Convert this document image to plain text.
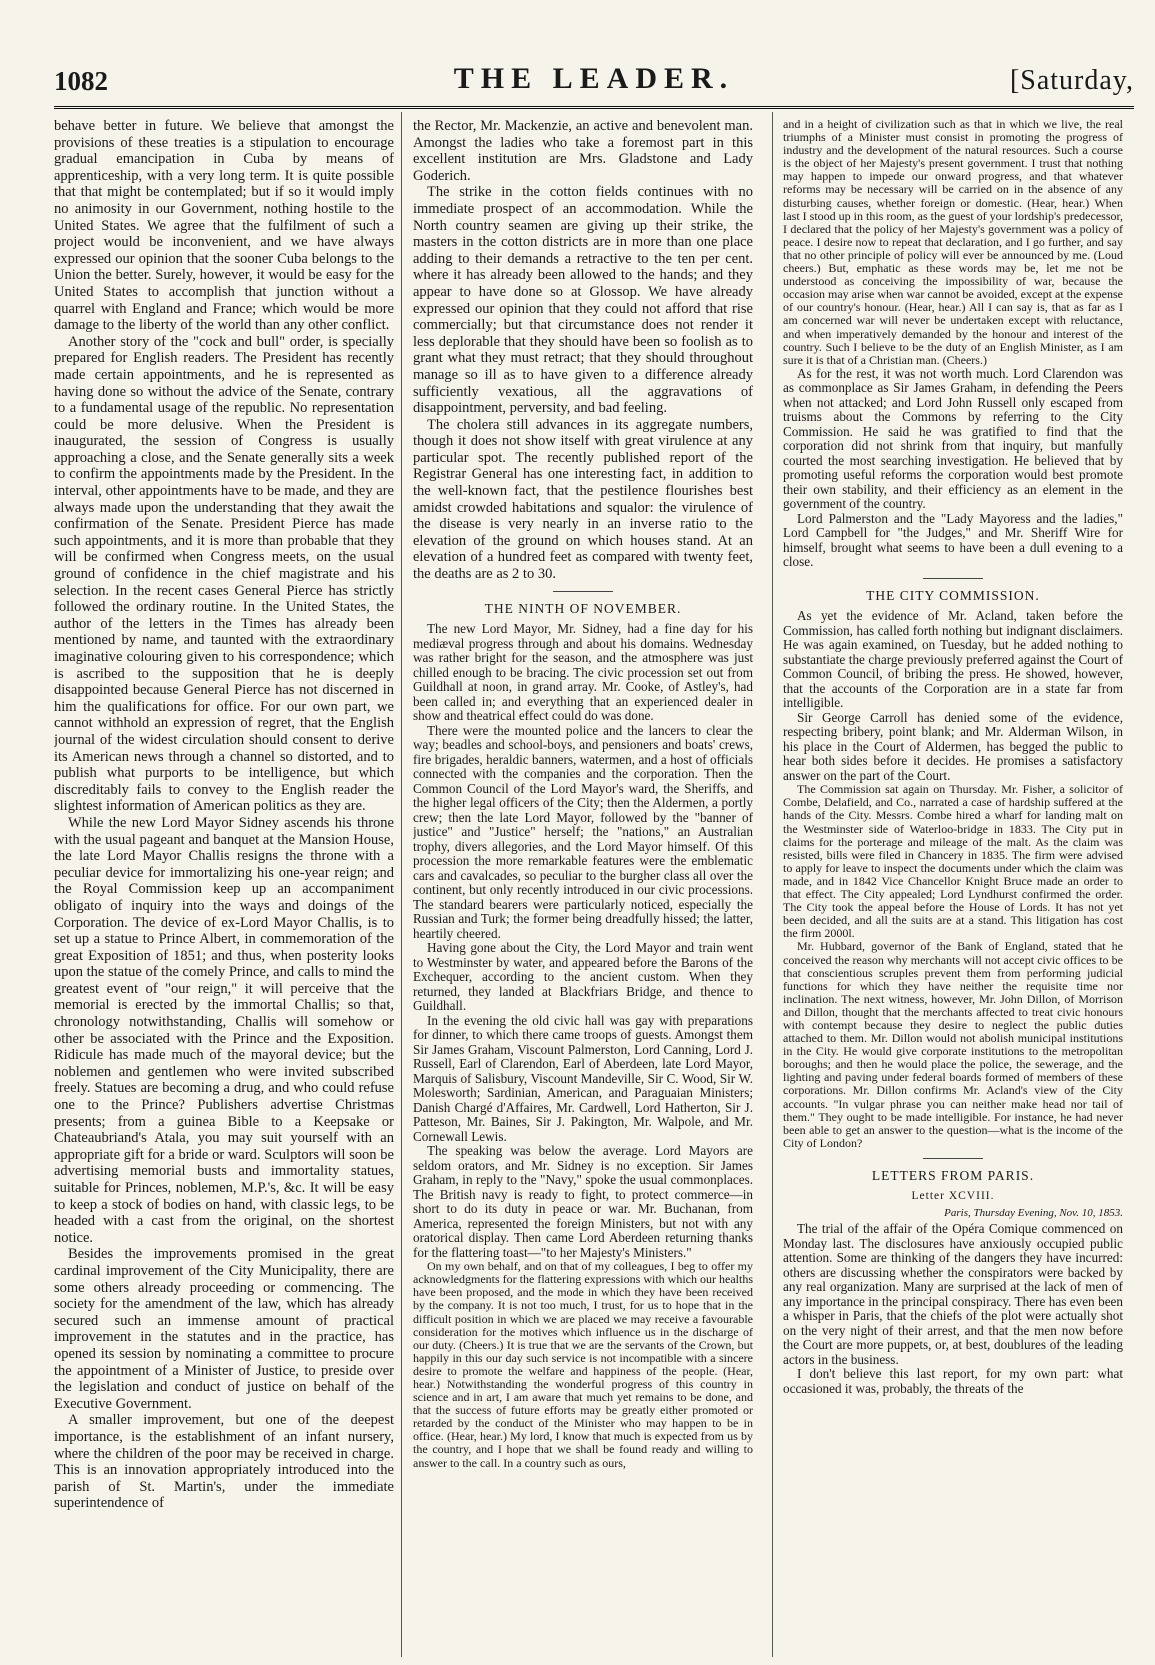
1082	THE LEADER.	[Saturday,

behave better in future. We believe that amongst the provisions of these treaties is a stipulation to encourage gradual emancipation in Cuba by means of apprenticeship, with a very long term. It is quite possible that that might be contemplated; but if so it would imply no animosity in our Government, nothing hostile to the United States. We agree that the fulfilment of such a project would be inconvenient, and we have always expressed our opinion that the sooner Cuba belongs to the Union the better. Surely, however, it would be easy for the United States to accomplish that junction without a quarrel with England and France; which would be more damage to the liberty of the world than any other conflict.

Another story of the "cock and bull" order, is specially prepared for English readers. The President has recently made certain appointments, and he is represented as having done so without the advice of the Senate, contrary to a fundamental usage of the republic. No representation could be more delusive. When the President is inaugurated, the session of Congress is usually approaching a close, and the Senate generally sits a week to confirm the appointments made by the President. In the interval, other appointments have to be made, and they are always made upon the understanding that they await the confirmation of the Senate. President Pierce has made such appointments, and it is more than probable that they will be confirmed when Congress meets, on the usual ground of confidence in the chief magistrate and his selection. In the recent cases General Pierce has strictly followed the ordinary routine. In the United States, the author of the letters in the Times has already been mentioned by name, and taunted with the extraordinary imaginative colouring given to his correspondence; which is ascribed to the supposition that he is deeply disappointed because General Pierce has not discerned in him the qualifications for office. For our own part, we cannot withhold an expression of regret, that the English journal of the widest circulation should consent to derive its American news through a channel so distorted, and to publish what purports to be intelligence, but which discreditably fails to convey to the English reader the slightest information of American politics as they are.

While the new Lord Mayor Sidney ascends his throne with the usual pageant and banquet at the Mansion House, the late Lord Mayor Challis resigns the throne with a peculiar device for immortalizing his one-year reign; and the Royal Commission keep up an accompaniment obligato of inquiry into the ways and doings of the Corporation. The device of ex-Lord Mayor Challis, is to set up a statue to Prince Albert, in commemoration of the great Exposition of 1851; and thus, when posterity looks upon the statue of the comely Prince, and calls to mind the greatest event of "our reign," it will perceive that the memorial is erected by the immortal Challis; so that, chronology notwithstanding, Challis will somehow or other be associated with the Prince and the Exposition. Ridicule has made much of the mayoral device; but the noblemen and gentlemen who were invited subscribed freely. Statues are becoming a drug, and who could refuse one to the Prince? Publishers advertise Christmas presents; from a guinea Bible to a Keepsake or Chateaubriand's Atala, you may suit yourself with an appropriate gift for a bride or ward. Sculptors will soon be advertising memorial busts and immortality statues, suitable for Princes, noblemen, M.P.'s, &c. It will be easy to keep a stock of bodies on hand, with classic legs, to be headed with a cast from the original, on the shortest notice.

Besides the improvements promised in the great cardinal improvement of the City Municipality, there are some others already proceeding or commencing. The society for the amendment of the law, which has already secured such an immense amount of practical improvement in the statutes and in the practice, has opened its session by nominating a committee to procure the appointment of a Minister of Justice, to preside over the legislation and conduct of justice on behalf of the Executive Government.

A smaller improvement, but one of the deepest importance, is the establishment of an infant nursery, where the children of the poor may be received in charge. This is an innovation appropriately introduced into the parish of St. Martin's, under the immediate superintendence of

the Rector, Mr. Mackenzie, an active and benevolent man. Amongst the ladies who take a foremost part in this excellent institution are Mrs. Gladstone and Lady Goderich.

The strike in the cotton fields continues with no immediate prospect of an accommodation. While the North country seamen are giving up their strike, the masters in the cotton districts are in more than one place adding to their demands a retractive to the ten per cent. where it has already been allowed to the hands; and they appear to have done so at Glossop. We have already expressed our opinion that they could not afford that rise commercially; but that circumstance does not render it less deplorable that they should have been so foolish as to grant what they must retract; that they should throughout manage so ill as to have given to a difference already sufficiently vexatious, all the aggravations of disappointment, perversity, and bad feeling.

The cholera still advances in its aggregate numbers, though it does not show itself with great virulence at any particular spot. The recently published report of the Registrar General has one interesting fact, in addition to the well-known fact, that the pestilence flourishes best amidst crowded habitations and squalor: the virulence of the disease is very nearly in an inverse ratio to the elevation of the ground on which houses stand. At an elevation of a hundred feet as compared with twenty feet, the deaths are as 2 to 30.

THE NINTH OF NOVEMBER.

The new Lord Mayor, Mr. Sidney, had a fine day for his mediæval progress through and about his domains. Wednesday was rather bright for the season, and the atmosphere was just chilled enough to be bracing. The civic procession set out from Guildhall at noon, in grand array. Mr. Cooke, of Astley's, had been called in; and everything that an experienced dealer in show and theatrical effect could do was done.

There were the mounted police and the lancers to clear the way; beadles and school-boys, and pensioners and boats' crews, fire brigades, heraldic banners, watermen, and a host of officials connected with the companies and the corporation. Then the Common Council of the Lord Mayor's ward, the Sheriffs, and the higher legal officers of the City; then the Aldermen, a portly crew; then the late Lord Mayor, followed by the "banner of justice" and "Justice" herself; the "nations," an Australian trophy, divers allegories, and the Lord Mayor himself. Of this procession the more remarkable features were the emblematic cars and cavalcades, so peculiar to the burgher class all over the continent, but only recently introduced in our civic processions. The standard bearers were particularly noticed, especially the Russian and Turk; the former being dreadfully hissed; the latter, heartily cheered.

Having gone about the City, the Lord Mayor and train went to Westminster by water, and appeared before the Barons of the Exchequer, according to the ancient custom. When they returned, they landed at Blackfriars Bridge, and thence to Guildhall.

In the evening the old civic hall was gay with preparations for dinner, to which there came troops of guests. Amongst them Sir James Graham, Viscount Palmerston, Lord Canning, Lord J. Russell, Earl of Clarendon, Earl of Aberdeen, late Lord Mayor, Marquis of Salisbury, Viscount Mandeville, Sir C. Wood, Sir W. Molesworth; Sardinian, American, and Paraguaian Ministers; Danish Chargé d'Affaires, Mr. Cardwell, Lord Hatherton, Sir J. Patteson, Mr. Baines, Sir J. Pakington, Mr. Walpole, and Mr. Cornewall Lewis.

The speaking was below the average. Lord Mayors are seldom orators, and Mr. Sidney is no exception. Sir James Graham, in reply to the "Navy," spoke the usual commonplaces. The British navy is ready to fight, to protect commerce—in short to do its duty in peace or war. Mr. Buchanan, from America, represented the foreign Ministers, but not with any oratorical display. Then came Lord Aberdeen returning thanks for the flattering toast—"to her Majesty's Ministers."

On my own behalf, and on that of my colleagues, I beg to offer my acknowledgments for the flattering expressions with which our healths have been proposed, and the mode in which they have been received by the company. It is not too much, I trust, for us to hope that in the difficult position in which we are placed we may receive a favourable consideration for the motives which influence us in the discharge of our duty. (Cheers.) It is true that we are the servants of the Crown, but happily in this our day such service is not incompatible with a sincere desire to promote the welfare and happiness of the people. (Hear, hear.) Notwithstanding the wonderful progress of this country in science and in art, I am aware that much yet remains to be done, and that the success of future efforts may be greatly either promoted or retarded by the conduct of the Minister who may happen to be in office. (Hear, hear.) My lord, I know that much is expected from us by the country, and I hope that we shall be found ready and willing to answer to the call. In a country such as ours,

and in a height of civilization such as that in which we live, the real triumphs of a Minister must consist in promoting the progress of industry and the development of the natural resources. Such a course is the object of her Majesty's present government. I trust that nothing may happen to impede our onward progress, and that whatever reforms may be necessary will be carried on in the absence of any disturbing causes, whether foreign or domestic. (Hear, hear.) When last I stood up in this room, as the guest of your lordship's predecessor, I declared that the policy of her Majesty's government was a policy of peace. I desire now to repeat that declaration, and I go further, and say that no other principle of policy will ever be announced by me. (Loud cheers.) But, emphatic as these words may be, let me not be understood as conceiving the impossibility of war, because the occasion may arise when war cannot be avoided, except at the expense of our country's honour. (Hear, hear.) All I can say is, that as far as I am concerned war will never be undertaken except with reluctance, and when imperatively demanded by the honour and interest of the country. Such I believe to be the duty of an English Minister, as I am sure it is that of a Christian man. (Cheers.)

As for the rest, it was not worth much. Lord Clarendon was as commonplace as Sir James Graham, in defending the Peers when not attacked; and Lord John Russell only escaped from truisms about the Commons by referring to the City Commission. He said he was gratified to find that the corporation did not shrink from that inquiry, but manfully courted the most searching investigation. He believed that by promoting useful reforms the corporation would best promote their own stability, and their efficiency as an element in the government of the country.

Lord Palmerston and the "Lady Mayoress and the ladies," Lord Campbell for "the Judges," and Mr. Sheriff Wire for himself, brought what seems to have been a dull evening to a close.

THE CITY COMMISSION.

As yet the evidence of Mr. Acland, taken before the Commission, has called forth nothing but indignant disclaimers. He was again examined, on Tuesday, but he added nothing to substantiate the charge previously preferred against the Court of Common Council, of bribing the press. He showed, however, that the accounts of the Corporation are in a state far from intelligible.

Sir George Carroll has denied some of the evidence, respecting bribery, point blank; and Mr. Alderman Wilson, in his place in the Court of Aldermen, has begged the public to hear both sides before it decides. He promises a satisfactory answer on the part of the Court.

The Commission sat again on Thursday. Mr. Fisher, a solicitor of Combe, Delafield, and Co., narrated a case of hardship suffered at the hands of the City. Messrs. Combe hired a wharf for landing malt on the Westminster side of Waterloo-bridge in 1833. The City put in claims for the porterage and mileage of the malt. As the claim was resisted, bills were filed in Chancery in 1835. The firm were advised to apply for leave to inspect the documents under which the claim was made, and in 1842 Vice Chancellor Knight Bruce made an order to that effect. The City appealed; Lord Lyndhurst confirmed the order. The City took the appeal before the House of Lords. It has not yet been decided, and all the suits are at a stand. This litigation has cost the firm 2000l.

Mr. Hubbard, governor of the Bank of England, stated that he conceived the reason why merchants will not accept civic offices to be that conscientious scruples prevent them from performing judicial functions for which they have neither the requisite time nor inclination. The next witness, however, Mr. John Dillon, of Morrison and Dillon, thought that the merchants affected to treat civic honours with contempt because they desire to neglect the public duties attached to them. Mr. Dillon would not abolish municipal institutions in the City. He would give corporate institutions to the metropolitan boroughs; and then he would place the police, the sewerage, and the lighting and paving under federal boards formed of members of these corporations. Mr. Dillon confirms Mr. Acland's view of the City accounts. "In vulgar phrase you can neither make head nor tail of them." They ought to be made intelligible. For instance, he had never been able to get an answer to the question—what is the income of the City of London?

LETTERS FROM PARIS.
Letter XCVIII.
Paris, Thursday Evening, Nov. 10, 1853.

The trial of the affair of the Opéra Comique commenced on Monday last. The disclosures have anxiously occupied public attention. Some are thinking of the dangers they have incurred: others are discussing whether the conspirators were backed by any real organization. Many are surprised at the lack of men of any importance in the principal conspiracy. There has even been a whisper in Paris, that the chiefs of the plot were actually shot on the very night of their arrest, and that the men now before the Court are more puppets, or, at best, doublures of the leading actors in the business.

I don't believe this last report, for my own part: what occasioned it was, probably, the threats of the
